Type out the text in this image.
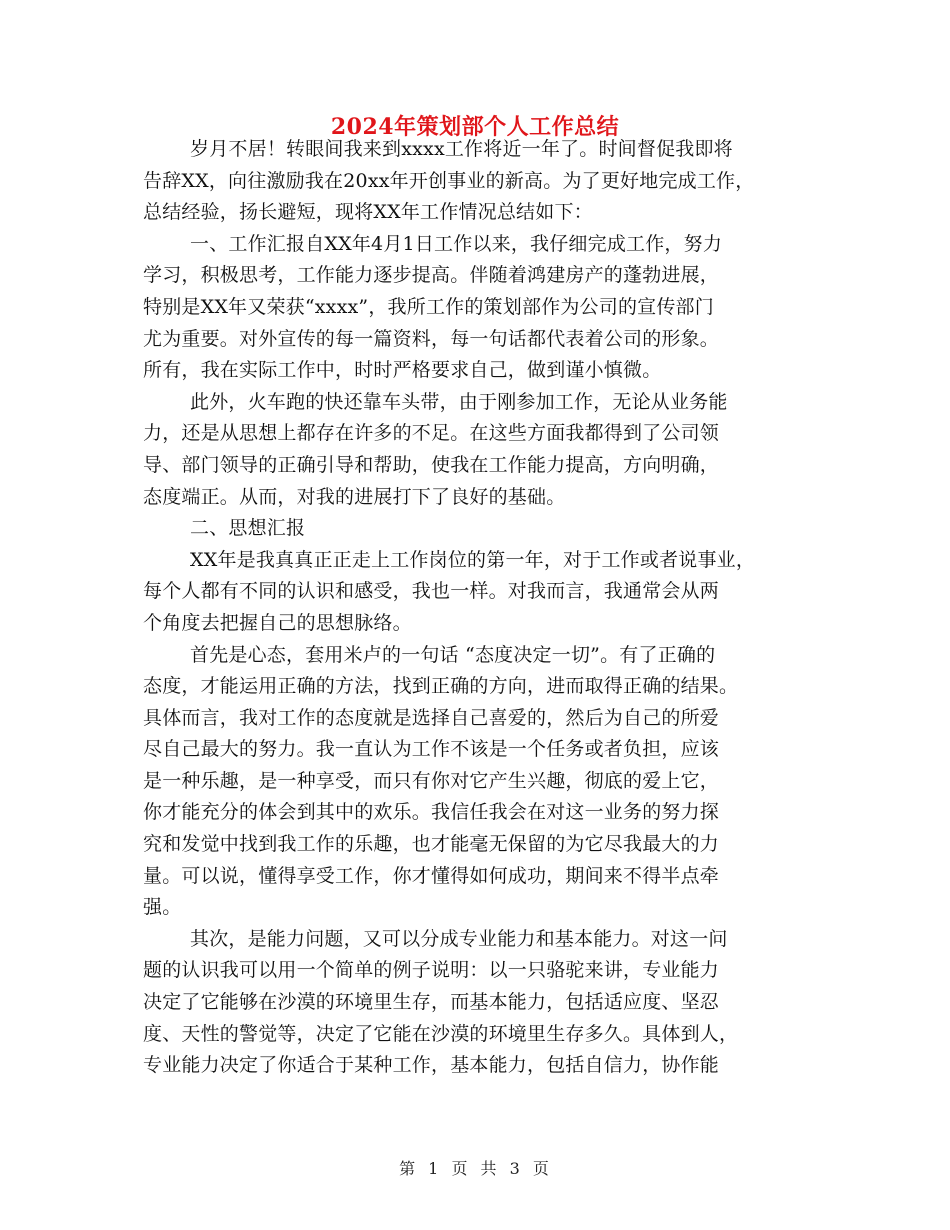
2024年策划部个人工作总结
岁月不居！转眼间我来到xxxx工作将近一年了。时间督促我即将
告辞XX，向往激励我在20xx年开创事业的新高。为了更好地完成工作，
总结经验，扬长避短，现将XX年工作情况总结如下：
一、工作汇报自XX年4月1日工作以来，我仔细完成工作，努力
学习，积极思考，工作能力逐步提高。伴随着鸿建房产的蓬勃进展，
特别是XX年又荣获“xxxx”，我所工作的策划部作为公司的宣传部门
尤为重要。对外宣传的每一篇资料，每一句话都代表着公司的形象。
所有，我在实际工作中，时时严格要求自己，做到谨小慎微。
此外，火车跑的快还靠车头带，由于刚参加工作，无论从业务能
力，还是从思想上都存在许多的不足。在这些方面我都得到了公司领
导、部门领导的正确引导和帮助，使我在工作能力提高，方向明确，
态度端正。从而，对我的进展打下了良好的基础。
二、思想汇报
XX年是我真真正正走上工作岗位的第一年，对于工作或者说事业，
每个人都有不同的认识和感受，我也一样。对我而言，我通常会从两
个角度去把握自己的思想脉络。
首先是心态，套用米卢的一句话 “态度决定一切”。有了正确的
态度，才能运用正确的方法，找到正确的方向，进而取得正确的结果。
具体而言，我对工作的态度就是选择自己喜爱的，然后为自己的所爱
尽自己最大的努力。我一直认为工作不该是一个任务或者负担，应该
是一种乐趣，是一种享受，而只有你对它产生兴趣，彻底的爱上它，
你才能充分的体会到其中的欢乐。我信任我会在对这一业务的努力探
究和发觉中找到我工作的乐趣，也才能毫无保留的为它尽我最大的力
量。可以说，懂得享受工作，你才懂得如何成功，期间来不得半点牵
强。
其次，是能力问题，又可以分成专业能力和基本能力。对这一问
题的认识我可以用一个简单的例子说明：以一只骆驼来讲，专业能力
决定了它能够在沙漠的环境里生存，而基本能力，包括适应度、坚忍
度、天性的警觉等，决定了它能在沙漠的环境里生存多久。具体到人，
专业能力决定了你适合于某种工作，基本能力，包括自信力，协作能
第 1 页 共 3 页
